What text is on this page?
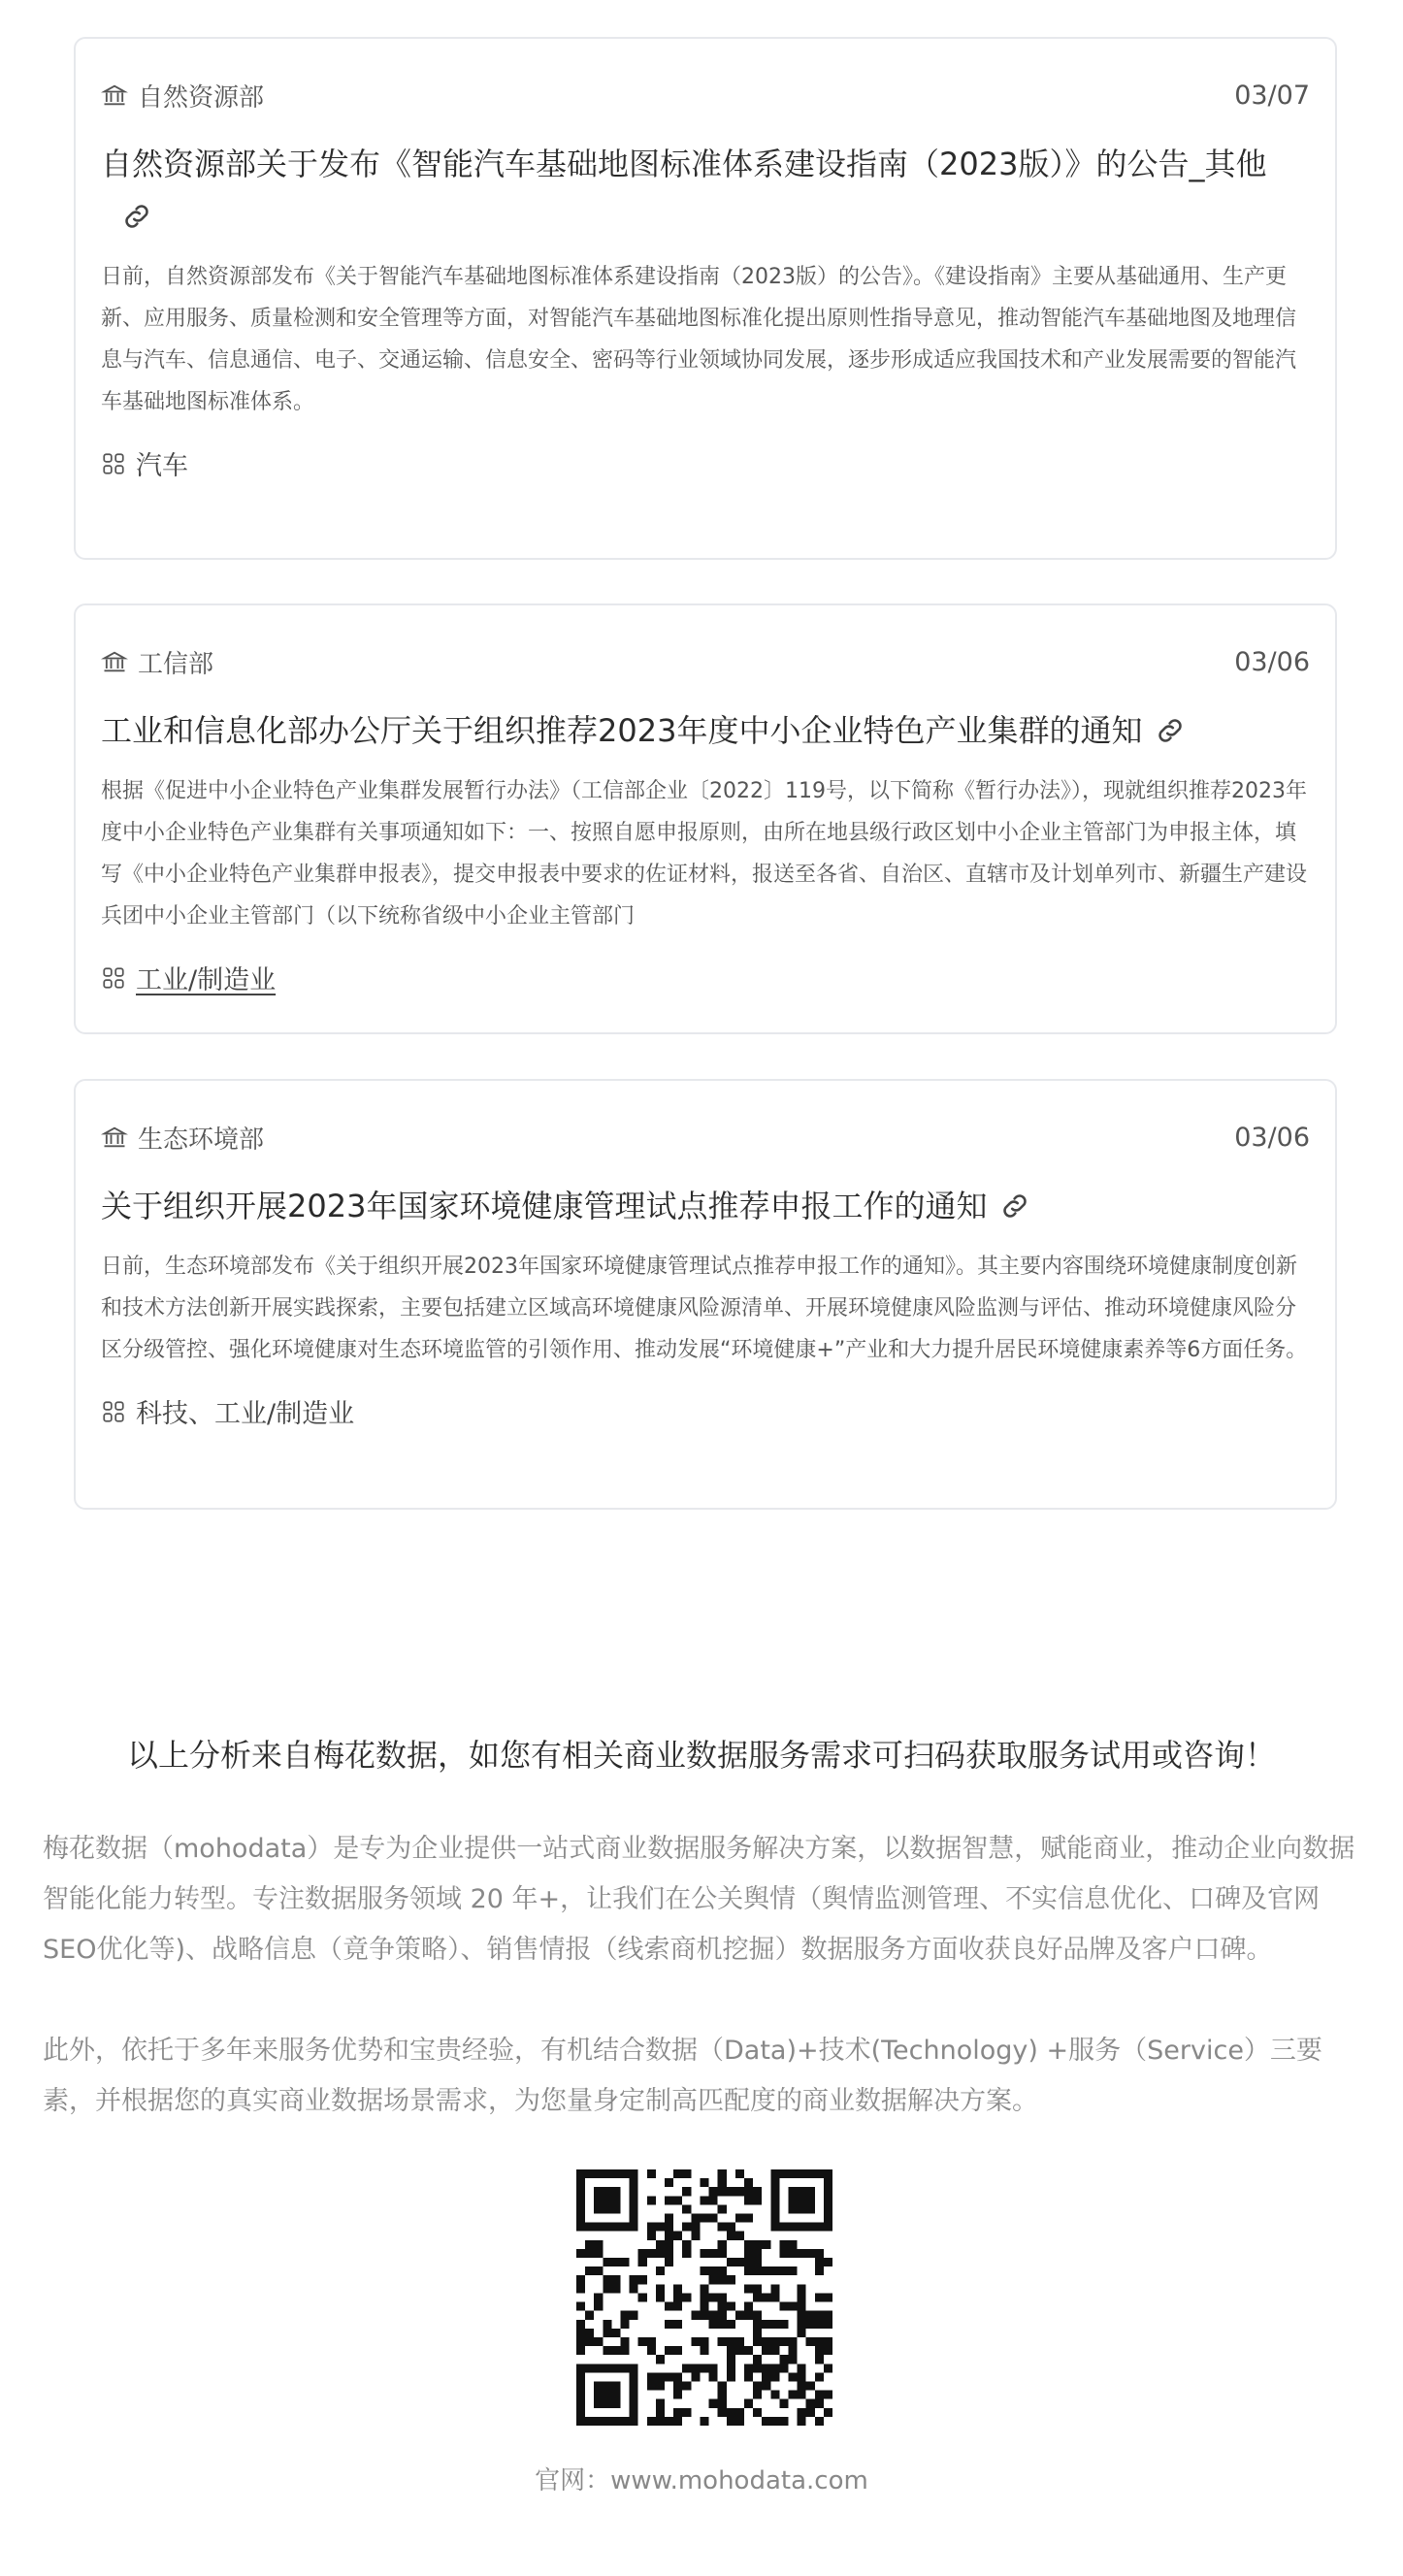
自然资源部	03/07
自然资源部关于发布《智能汽车基础地图标准体系建设指南（2023版）》的公告_其他
日前，自然资源部发布《关于智能汽车基础地图标准体系建设指南（2023版）的公告》。《建设指南》主要从基础通用、生产更新、应用服务、质量检测和安全管理等方面，对智能汽车基础地图标准化提出原则性指导意见，推动智能汽车基础地图及地理信息与汽车、信息通信、电子、交通运输、信息安全、密码等行业领域协同发展，逐步形成适应我国技术和产业发展需要的智能汽车基础地图标准体系。
汽车
工信部	03/06
工业和信息化部办公厅关于组织推荐2023年度中小企业特色产业集群的通知
根据《促进中小企业特色产业集群发展暂行办法》（工信部企业〔2022〕119号，以下简称《暂行办法》），现就组织推荐2023年度中小企业特色产业集群有关事项通知如下：一、按照自愿申报原则，由所在地县级行政区划中小企业主管部门为申报主体，填写《中小企业特色产业集群申报表》，提交申报表中要求的佐证材料，报送至各省、自治区、直辖市及计划单列市、新疆生产建设兵团中小企业主管部门（以下统称省级中小企业主管部门
工业/制造业
生态环境部	03/06
关于组织开展2023年国家环境健康管理试点推荐申报工作的通知
日前，生态环境部发布《关于组织开展2023年国家环境健康管理试点推荐申报工作的通知》。其主要内容围绕环境健康制度创新和技术方法创新开展实践探索，主要包括建立区域高环境健康风险源清单、开展环境健康风险监测与评估、推动环境健康风险分区分级管控、强化环境健康对生态环境监管的引领作用、推动发展“环境健康+”产业和大力提升居民环境健康素养等6方面任务。
科技、工业/制造业
以上分析来自梅花数据，如您有相关商业数据服务需求可扫码获取服务试用或咨询！
梅花数据（mohodata）是专为企业提供一站式商业数据服务解决方案，以数据智慧，赋能商业，推动企业向数据智能化能力转型。专注数据服务领域 20 年+，让我们在公关舆情（舆情监测管理、不实信息优化、口碑及官网SEO优化等)、战略信息（竟争策略）、销售情报（线索商机挖掘）数据服务方面收获良好品牌及客户口碑。
此外，依托于多年来服务优势和宝贵经验，有机结合数据（Data)+技术(Technology) +服务（Service）三要素，并根据您的真实商业数据场景需求，为您量身定制高匹配度的商业数据解决方案。
官网：www.mohodata.com
